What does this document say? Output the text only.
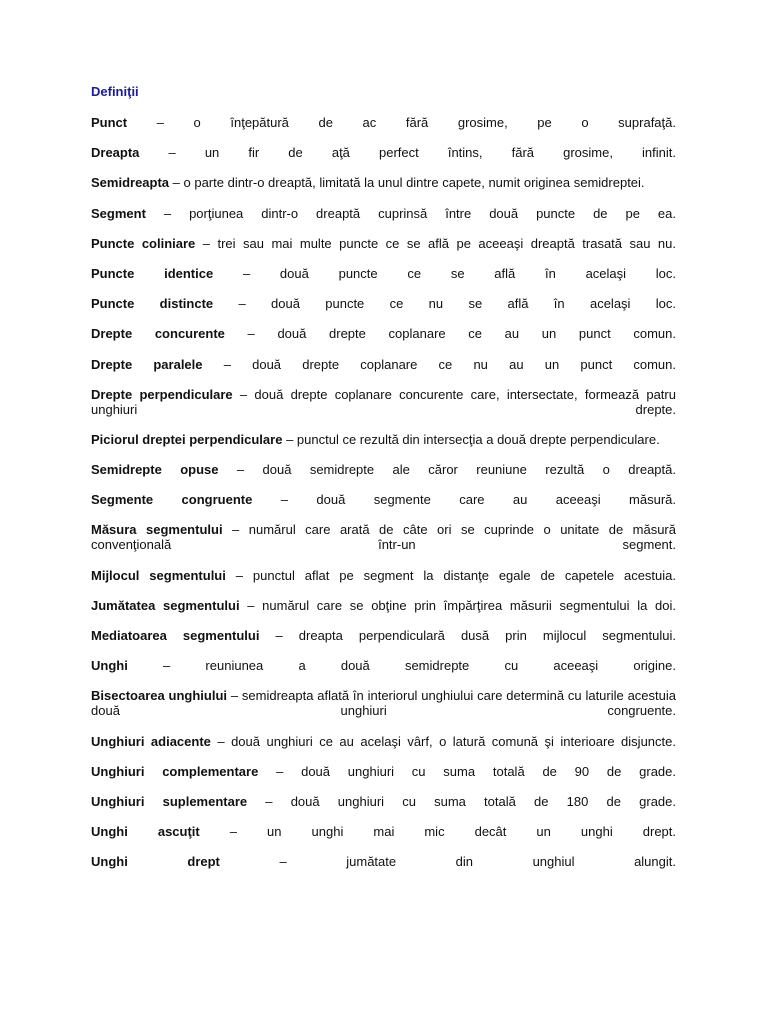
Definiţii

Punct – o înţepătură de ac fără grosime, pe o suprafaţă.

Dreapta – un fir de aţă perfect întins, fără grosime, infinit.

Semidreapta – o parte dintr-o dreaptă, limitată la unul dintre capete, numit originea semidreptei.

Segment – porţiunea dintr-o dreaptă cuprinsă între două puncte de pe ea.

Puncte coliniare – trei sau mai multe puncte ce se află pe aceeaşi dreaptă trasată sau nu.

Puncte identice – două puncte ce se află în acelaşi loc.

Puncte distincte – două puncte ce nu se află în acelaşi loc.

Drepte concurente – două drepte coplanare ce au un punct comun.

Drepte paralele – două drepte coplanare ce nu au un punct comun.

Drepte perpendiculare – două drepte coplanare concurente care, intersectate, formează patru unghiuri drepte.

Piciorul dreptei perpendiculare – punctul ce rezultă din intersecţia a două drepte perpendiculare.

Semidrepte opuse – două semidrepte ale căror reuniune rezultă o dreaptă.

Segmente congruente – două segmente care au aceeaşi măsură.

Măsura segmentului – numărul care arată de câte ori se cuprinde o unitate de măsură convenţională într-un segment.

Mijlocul segmentului – punctul aflat pe segment la distanţe egale de capetele acestuia.

Jumătatea segmentului – numărul care se obţine prin împărţirea măsurii segmentului la doi.

Mediatoarea segmentului – dreapta perpendiculară dusă prin mijlocul segmentului.

Unghi – reuniunea a două semidrepte cu aceeaşi origine.

Bisectoarea unghiului – semidreapta aflată în interiorul unghiului care determină cu laturile acestuia două unghiuri congruente.

Unghiuri adiacente – două unghiuri ce au acelaşi vârf, o latură comună şi interioare disjuncte.

Unghiuri complementare – două unghiuri cu suma totală de 90 de grade.

Unghiuri suplementare – două unghiuri cu suma totală de 180 de grade.

Unghi ascuţit – un unghi mai mic decât un unghi drept.

Unghi drept – jumătate din unghiul alungit.
